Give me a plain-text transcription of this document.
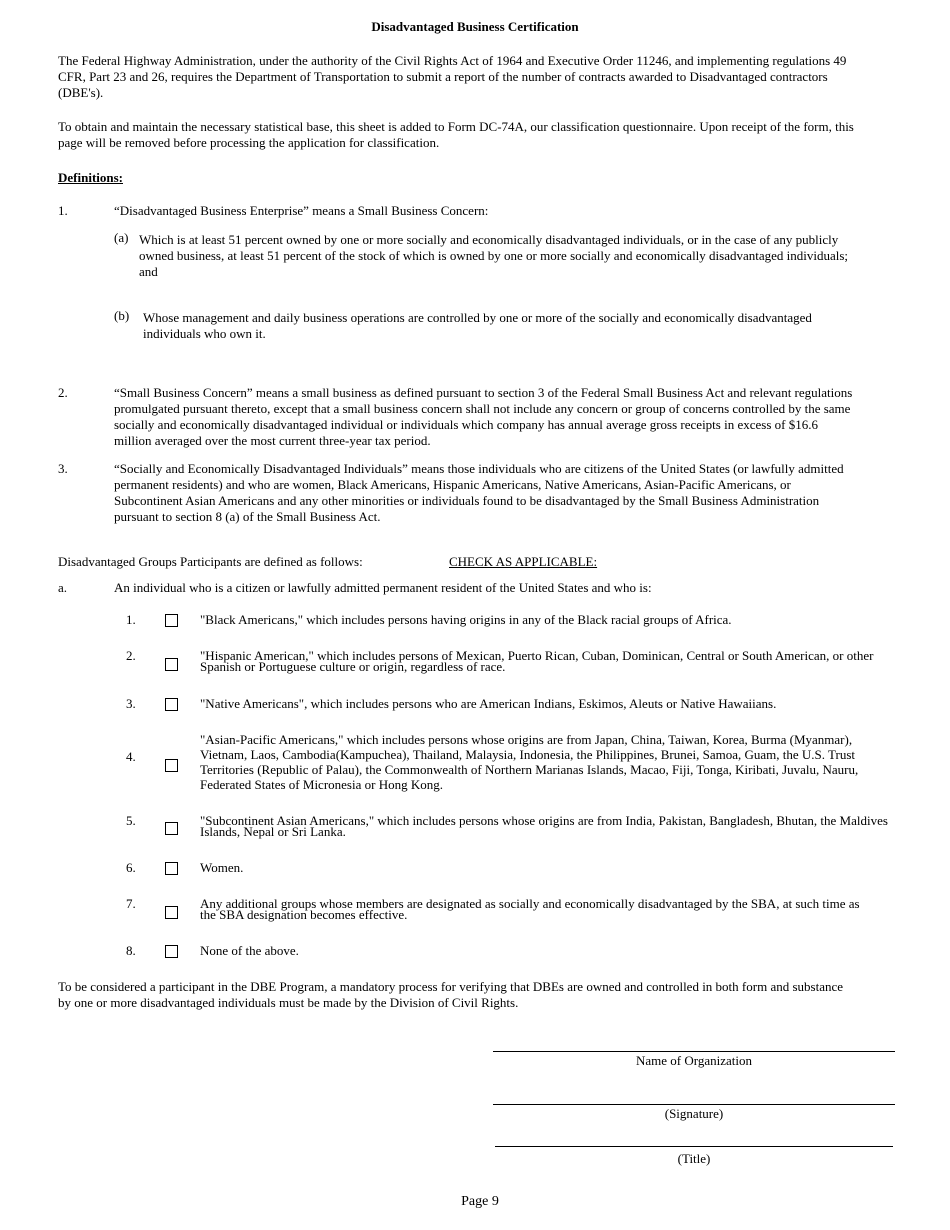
Disadvantaged Business Certification
The Federal Highway Administration, under the authority of the Civil Rights Act of 1964 and Executive Order 11246, and implementing regulations 49 CFR, Part 23 and 26, requires the Department of Transportation to submit a report of the number of contracts awarded to Disadvantaged contractors (DBE's).
To obtain and maintain the necessary statistical base, this sheet is added to Form DC-74A, our classification questionnaire. Upon receipt of the form, this page will be removed before processing the application for classification.
Definitions:
1.	“Disadvantaged Business Enterprise” means a Small Business Concern:
(a) Which is at least 51 percent owned by one or more socially and economically disadvantaged individuals, or in the case of any publicly owned business, at least 51 percent of the stock of which is owned by one or more socially and economically disadvantaged individuals; and
(b) Whose management and daily business operations are controlled by one or more of the socially and economically disadvantaged individuals who own it.
2.	“Small Business Concern” means a small business as defined pursuant to section 3 of the Federal Small Business Act and relevant regulations promulgated pursuant thereto, except that a small business concern shall not include any concern or group of concerns controlled by the same socially and economically disadvantaged individual or individuals which company has annual average gross receipts in excess of $16.6 million averaged over the most current three-year tax period.
3.	“Socially and Economically Disadvantaged Individuals” means those individuals who are citizens of the United States (or lawfully admitted permanent residents) and who are women, Black Americans, Hispanic Americans, Native Americans, Asian-Pacific Americans, or Subcontinent Asian Americans and any other minorities or individuals found to be disadvantaged by the Small Business Administration pursuant to section 8 (a) of the Small Business Act.
Disadvantaged Groups Participants are defined as follows:	CHECK AS APPLICABLE:
a.	An individual who is a citizen or lawfully admitted permanent resident of the United States and who is:
1.	"Black Americans," which includes persons having origins in any of the Black racial groups of Africa.
2.	"Hispanic American," which includes persons of Mexican, Puerto Rican, Cuban, Dominican, Central or South American, or other Spanish or Portuguese culture or origin, regardless of race.
3.	"Native Americans", which includes persons who are American Indians, Eskimos, Aleuts or Native Hawaiians.
4.
"Asian-Pacific Americans," which includes persons whose origins are from Japan, China, Taiwan, Korea, Burma (Myanmar), Vietnam, Laos, Cambodia(Kampuchea), Thailand, Malaysia, Indonesia, the Philippines, Brunei, Samoa, Guam, the U.S. Trust Territories (Republic of Palau), the Commonwealth of Northern Marianas Islands, Macao, Fiji, Tonga, Kiribati, Juvalu, Nauru, Federated States of Micronesia or Hong Kong.
5.	"Subcontinent Asian Americans," which includes persons whose origins are from India, Pakistan, Bangladesh, Bhutan, the Maldives Islands, Nepal or Sri Lanka.
6.	Women.
7.	Any additional groups whose members are designated as socially and economically disadvantaged by the SBA, at such time as the SBA designation becomes effective.
8.	None of the above.
To be considered a participant in the DBE Program, a mandatory process for verifying that DBEs are owned and controlled in both form and substance by one or more disadvantaged individuals must be made by the Division of Civil Rights.
Name of Organization
(Signature)
(Title)
Page 9
